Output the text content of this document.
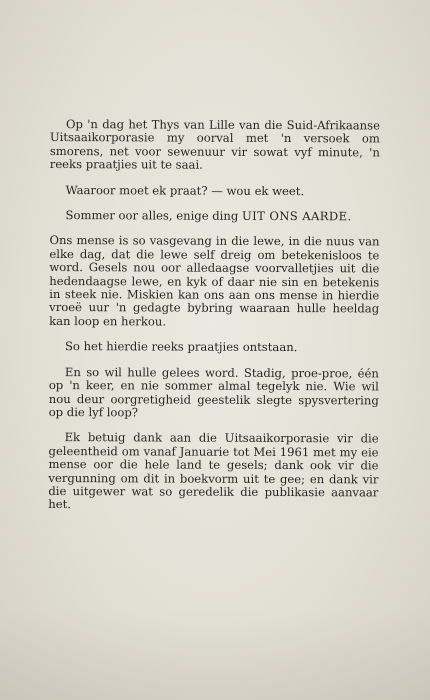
Op 'n dag het Thys van Lille van die Suid-Afrikaanse Uitsaaikorporasie my oorval met 'n versoek om smorens, net voor sewenuur vir sowat vyf minute, 'n reeks praatjies uit te saai.

Waaroor moet ek praat? — wou ek weet.

Sommer oor alles, enige ding UIT ONS AARDE.

Ons mense is so vasgevang in die lewe, in die nuus van elke dag, dat die lewe self dreig om betekenisloos te word. Gesels nou oor alledaagse voorvalletjies uit die hedendaagse lewe, en kyk of daar nie sin en betekenis in steek nie. Miskien kan ons aan ons mense in hierdie vroeë uur 'n gedagte bybring waaraan hulle heeldag kan loop en herkou.

So het hierdie reeks praatjies ontstaan.

En so wil hulle gelees word. Stadig, proe-proe, één op 'n keer, en nie sommer almal tegelyk nie. Wie wil nou deur oorgretigheid geestelik slegte spysvertering op die lyf loop?

Ek betuig dank aan die Uitsaaikorporasie vir die geleentheid om vanaf Januarie tot Mei 1961 met my eie mense oor die hele land te gesels; dank ook vir die vergunning om dit in boekvorm uit te gee; en dank vir die uitgewer wat so geredelik die publikasie aanvaar het.
